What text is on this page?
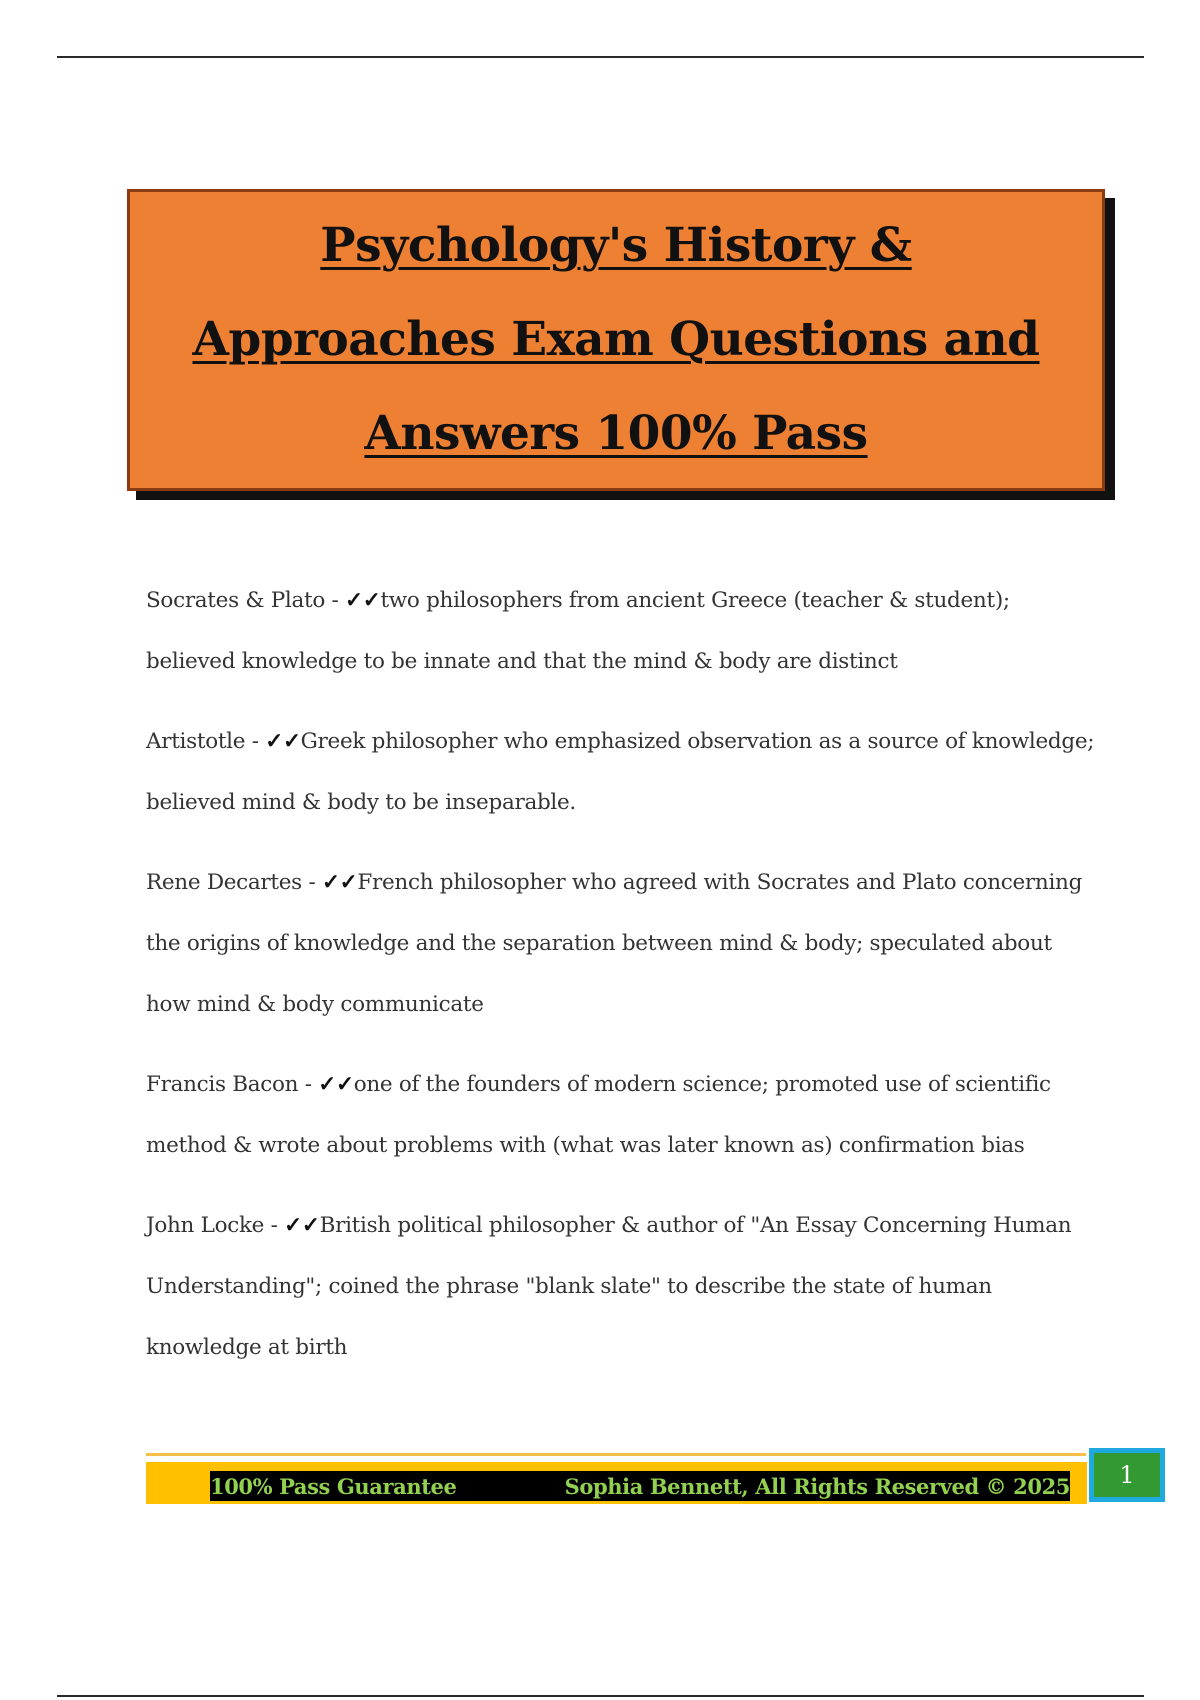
Psychology's History & Approaches Exam Questions and Answers 100% Pass

Socrates & Plato - ✓✓two philosophers from ancient Greece (teacher & student); believed knowledge to be innate and that the mind & body are distinct

Artistotle - ✓✓Greek philosopher who emphasized observation as a source of knowledge; believed mind & body to be inseparable.

Rene Decartes - ✓✓French philosopher who agreed with Socrates and Plato concerning the origins of knowledge and the separation between mind & body; speculated about how mind & body communicate

Francis Bacon - ✓✓one of the founders of modern science; promoted use of scientific method & wrote about problems with (what was later known as) confirmation bias

John Locke - ✓✓British political philosopher & author of "An Essay Concerning Human Understanding"; coined the phrase "blank slate" to describe the state of human knowledge at birth

100% Pass Guarantee	Sophia Bennett, All Rights Reserved © 2025 1
